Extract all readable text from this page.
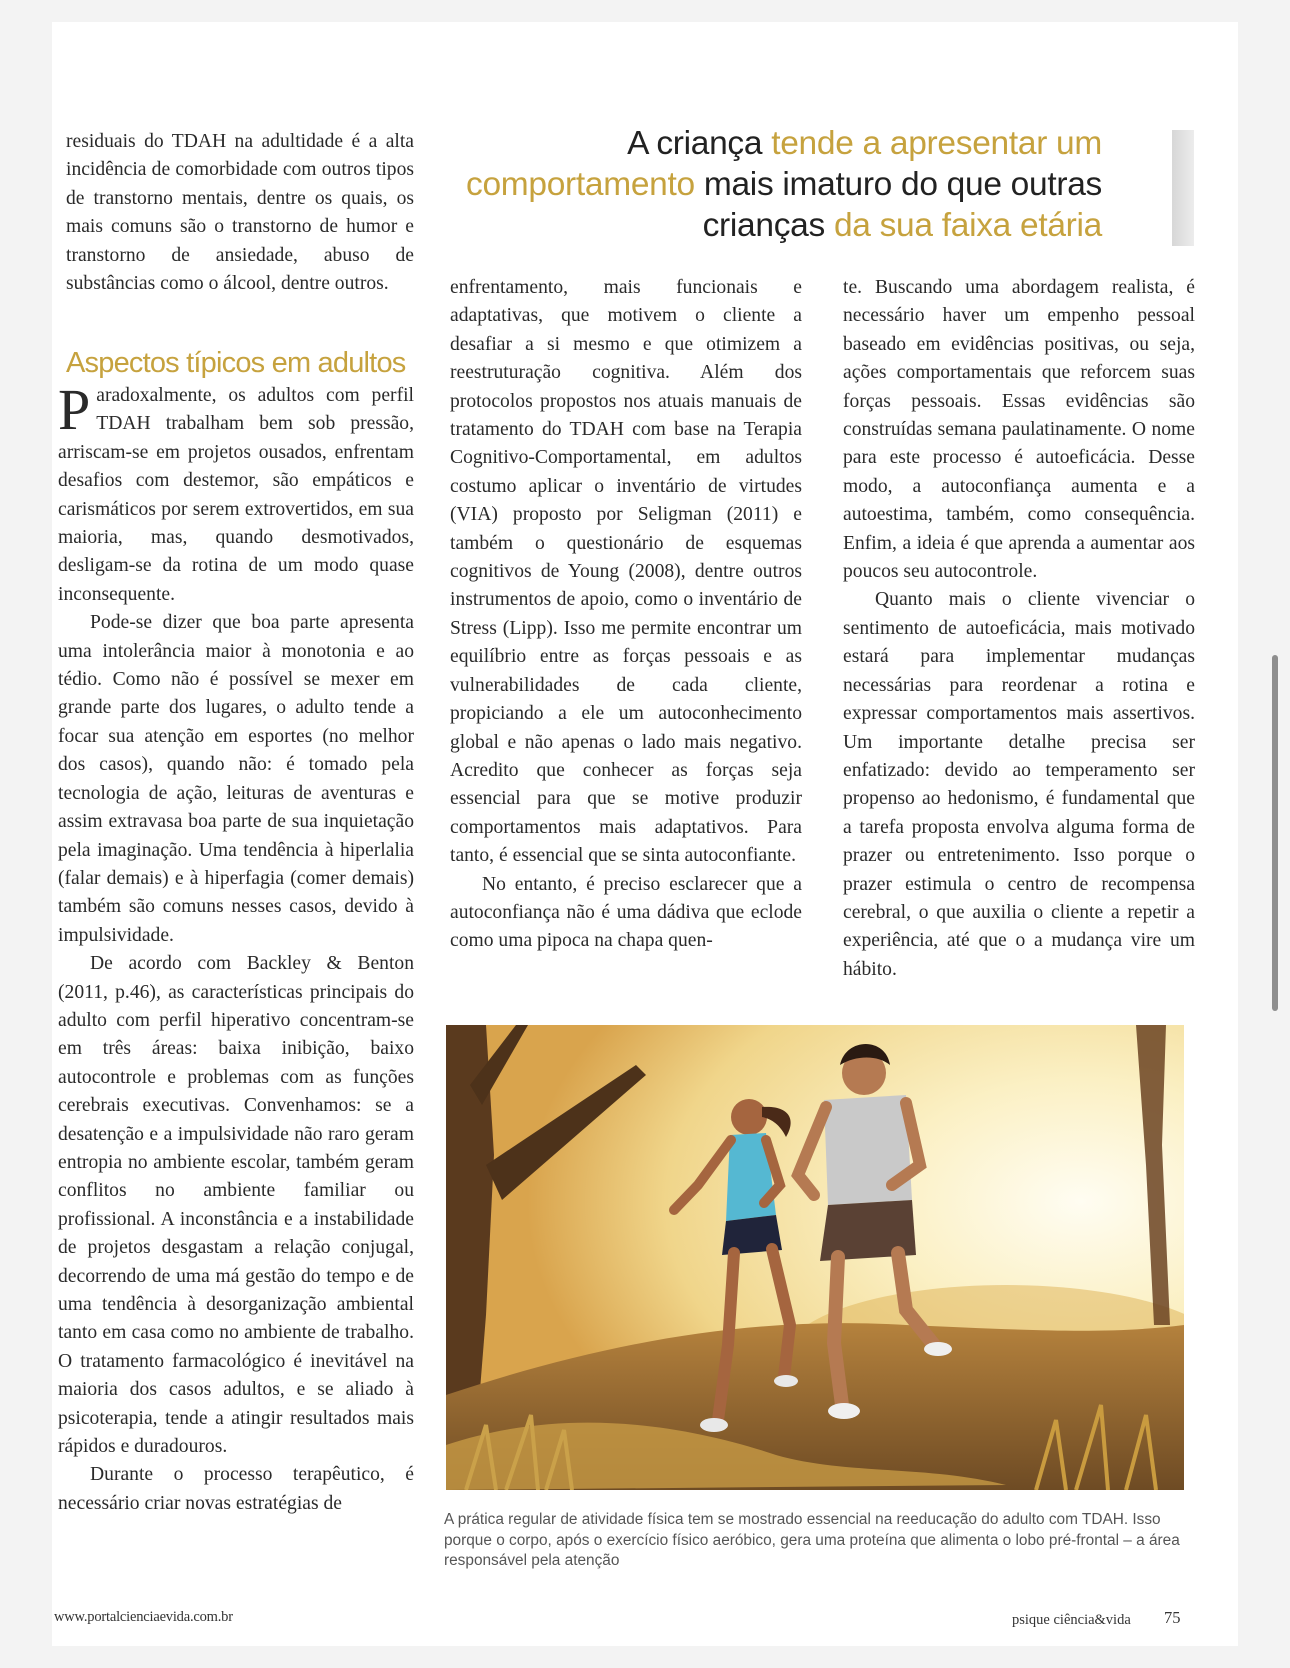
A criança tende a apresentar um comportamento mais imaturo do que outras crianças da sua faixa etária

residuais do TDAH na adultidade é a alta incidência de comorbidade com outros tipos de transtorno mentais, dentre os quais, os mais comuns são o transtorno de humor e transtorno de ansiedade, abuso de substâncias como o álcool, dentre outros.

Aspectos típicos em adultos

Paradoxalmente, os adultos com perfil TDAH trabalham bem sob pressão, arriscam-se em projetos ousados, enfrentam desafios com destemor, são empáticos e carismáticos por serem extrovertidos, em sua maioria, mas, quando desmotivados, desligam-se da rotina de um modo quase inconsequente.

Pode-se dizer que boa parte apresenta uma intolerância maior à monotonia e ao tédio. Como não é possível se mexer em grande parte dos lugares, o adulto tende a focar sua atenção em esportes (no melhor dos casos), quando não: é tomado pela tecnologia de ação, leituras de aventuras e assim extravasa boa parte de sua inquietação pela imaginação. Uma tendência à hiperlalia (falar demais) e à hiperfagia (comer demais) também são comuns nesses casos, devido à impulsividade.

De acordo com Backley & Benton (2011, p.46), as características principais do adulto com perfil hiperativo concentram-se em três áreas: baixa inibição, baixo autocontrole e problemas com as funções cerebrais executivas. Convenhamos: se a desatenção e a impulsividade não raro geram entropia no ambiente escolar, também geram conflitos no ambiente familiar ou profissional. A inconstância e a instabilidade de projetos desgastam a relação conjugal, decorrendo de uma má gestão do tempo e de uma tendência à desorganização ambiental tanto em casa como no ambiente de trabalho. O tratamento farmacológico é inevitável na maioria dos casos adultos, e se aliado à psicoterapia, tende a atingir resultados mais rápidos e duradouros.

Durante o processo terapêutico, é necessário criar novas estratégias de

enfrentamento, mais funcionais e adaptativas, que motivem o cliente a desafiar a si mesmo e que otimizem a reestruturação cognitiva. Além dos protocolos propostos nos atuais manuais de tratamento do TDAH com base na Terapia Cognitivo-Comportamental, em adultos costumo aplicar o inventário de virtudes (VIA) proposto por Seligman (2011) e também o questionário de esquemas cognitivos de Young (2008), dentre outros instrumentos de apoio, como o inventário de Stress (Lipp). Isso me permite encontrar um equilíbrio entre as forças pessoais e as vulnerabilidades de cada cliente, propiciando a ele um autoconhecimento global e não apenas o lado mais negativo. Acredito que conhecer as forças seja essencial para que se motive produzir comportamentos mais adaptativos. Para tanto, é essencial que se sinta autoconfiante.

No entanto, é preciso esclarecer que a autoconfiança não é uma dádiva que eclode como uma pipoca na chapa quen-

te. Buscando uma abordagem realista, é necessário haver um empenho pessoal baseado em evidências positivas, ou seja, ações comportamentais que reforcem suas forças pessoais. Essas evidências são construídas semana paulatinamente. O nome para este processo é autoeficácia. Desse modo, a autoconfiança aumenta e a autoestima, também, como consequência. Enfim, a ideia é que aprenda a aumentar aos poucos seu autocontrole.

Quanto mais o cliente vivenciar o sentimento de autoeficácia, mais motivado estará para implementar mudanças necessárias para reordenar a rotina e expressar comportamentos mais assertivos. Um importante detalhe precisa ser enfatizado: devido ao temperamento ser propenso ao hedonismo, é fundamental que a tarefa proposta envolva alguma forma de prazer ou entretenimento. Isso porque o prazer estimula o centro de recompensa cerebral, o que auxilia o cliente a repetir a experiência, até que o a mudança vire um hábito.

A prática regular de atividade física tem se mostrado essencial na reeducação do adulto com TDAH. Isso porque o corpo, após o exercício físico aeróbico, gera uma proteína que alimenta o lobo pré-frontal – a área responsável pela atenção

www.portalcienciaevida.com.br	psique ciência&vida 75
